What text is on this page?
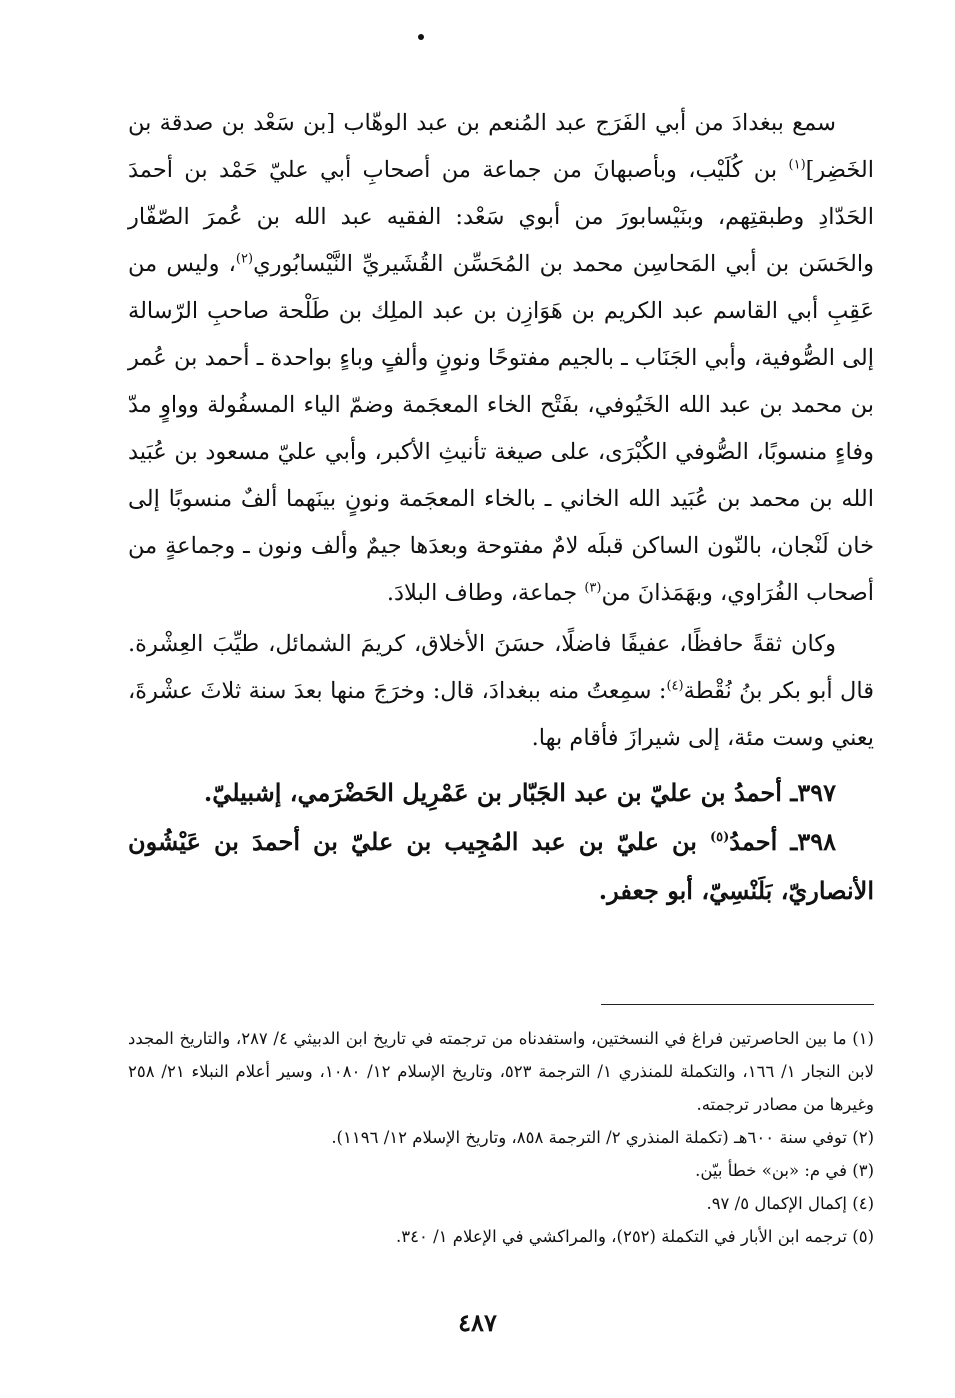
سمع ببغدادَ من أبي الفَرَج عبد المُنعم بن عبد الوهّاب [بن سَعْد بن صدقة بن الخَضِر]$^{(١)}$ بن كُلَيْب، وبأصبهانَ من جماعة من أصحابِ أبي عليّ حَمْد بن أحمدَ الحَدّادِ وطبقتِهم، وبنَيْسابورَ من أبوي سَعْد: الفقيه عبد الله بن عُمرَ الصّفّار والحَسَن بن أبي المَحاسِن محمد بن المُحَسِّن القُشَيريِّ النَّيْسابُوري$^{(٢)}$، وليس من عَقِبِ أبي القاسم عبد الكريم بن هَوَازِن بن عبد الملِك بن طَلْحة صاحبِ الرّسالة إلى الصُّوفية، وأبي الجَنَاب ـ بالجيم مفتوحًا ونونٍ وألفٍ وباءٍ بواحدة ـ أحمد بن عُمر بن محمد بن عبد الله الخَيُوفي، بفَتْح الخاء المعجَمة وضمّ الياء المسفُولة وواوٍ مدّ وفاءٍ منسوبًا، الصُّوفي الكُبْرَى، على صيغة تأنيثِ الأكبر، وأبي عليّ مسعود بن عُبَيد الله بن محمد بن عُبَيد الله الخاني ـ بالخاء المعجَمة ونونٍ بينَهما ألفٌ منسوبًا إلى خان لَنْجان، بالنّون الساكن قبلَه لامٌ مفتوحة وبعدَها جيمٌ وألف ونون ـ وجماعةٍ من أصحاب الفُرَاوي، وبهَمَذانَ من$^{(٣)}$ جماعة، وطاف البلادَ.

وكان ثقةً حافظًا، عفيفًا فاضلًا، حسَنَ الأخلاق، كريمَ الشمائل، طيِّبَ العِشْرة. قال أبو بكر بنُ نُقْطة$^{(٤)}$: سمِعتُ منه ببغدادَ، قال: وخرَجَ منها بعدَ سنة ثلاثَ عشْرةَ، يعني وست مئة، إلى شيرازَ فأقام بها.

٣٩٧ـ أحمدُ بن عليّ بن عبد الجَبّار بن عَمْرِيل الحَضْرَمي، إشبيليّ.

٣٩٨ـ أحمدُ$^{(٥)}$ بن عليّ بن عبد المُجِيب بن عليّ بن أحمدَ بن عَيْشُون الأنصاريّ، بَلَنْسِيّ، أبو جعفر.

(١) ما بين الحاصرتين فراغ في النسختين، واستفدناه من ترجمته في تاريخ ابن الدبيثي ٤/ ٢٨٧، والتاريخ المجدد لابن النجار ١/ ١٦٦، والتكملة للمنذري ١/ الترجمة ٥٢٣، وتاريخ الإسلام ١٢/ ١٠٨٠، وسير أعلام النبلاء ٢١/ ٢٥٨ وغيرها من مصادر ترجمته.

(٢) توفي سنة ٦٠٠هـ (تكملة المنذري ٢/ الترجمة ٨٥٨، وتاريخ الإسلام ١٢/ ١١٩٦).

(٣) في م: «بن» خطأ بيّن.

(٤) إكمال الإكمال ٥/ ٩٧.

(٥) ترجمه ابن الأبار في التكملة (٢٥٢)، والمراكشي في الإعلام ١/ ٣٤٠.

٤٨٧
